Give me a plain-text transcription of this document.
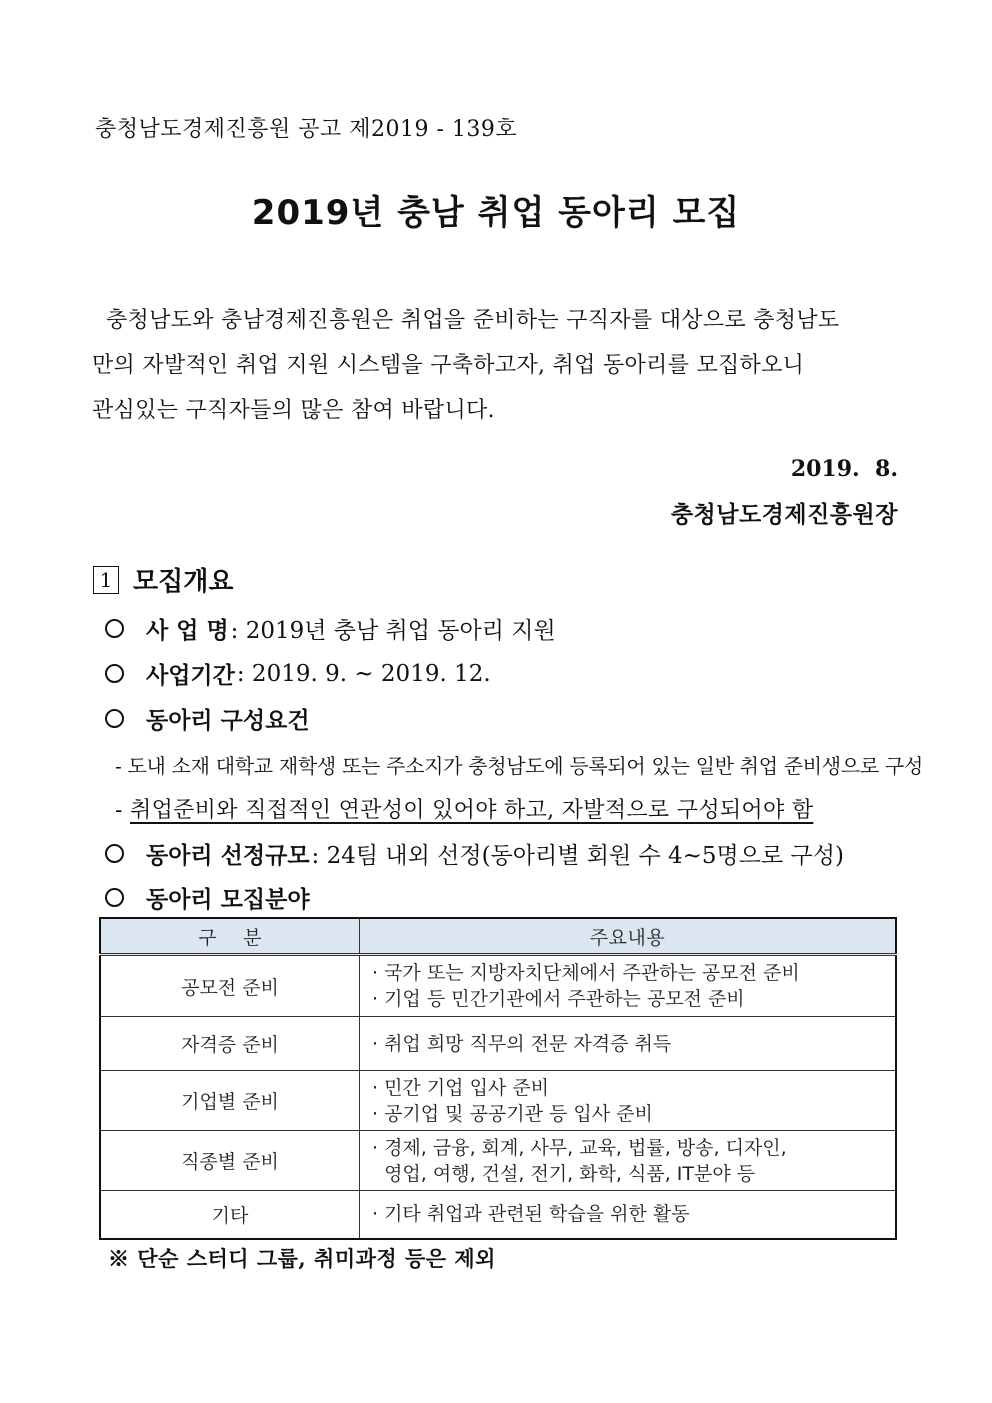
충청남도경제진흥원 공고 제2019 - 139호
2019년 충남 취업 동아리 모집
충청남도와 충남경제진흥원은 취업을 준비하는 구직자를 대상으로 충청남도
만의 자발적인 취업 지원 시스템을 구축하고자, 취업 동아리를 모집하오니
관심있는 구직자들의 많은 참여 바랍니다.
2019.  8.
충청남도경제진흥원장
1 모집개요
사 업 명 : 2019년 충남 취업 동아리 지원
사업기간 : 2019. 9. ~ 2019. 12.
동아리 구성요건
- 도내 소재 대학교 재학생 또는 주소지가 충청남도에 등록되어 있는 일반 취업 준비생으로 구성
- 취업준비와 직접적인 연관성이 있어야 하고, 자발적으로 구성되어야 함
동아리 선정규모 : 24팀 내외 선정(동아리별 회원 수 4~5명으로 구성)
동아리 모집분야
구    분	주요내용
공모전 준비	· 국가 또는 지방자치단체에서 주관하는 공모전 준비
· 기업 등 민간기관에서 주관하는 공모전 준비

자격증 준비	· 취업 희망 직무의 전문 자격증 취득

기업별 준비	· 민간 기업 입사 준비
· 공기업 및 공공기관 등 입사 준비

직종별 준비	· 경제, 금융, 회계, 사무, 교육, 법률, 방송, 디자인,
영업, 여행, 건설, 전기, 화학, 식품, IT분야 등

기타	· 기타 취업과 관련된 학습을 위한 활동
※ 단순 스터디 그룹, 취미과정 등은 제외
